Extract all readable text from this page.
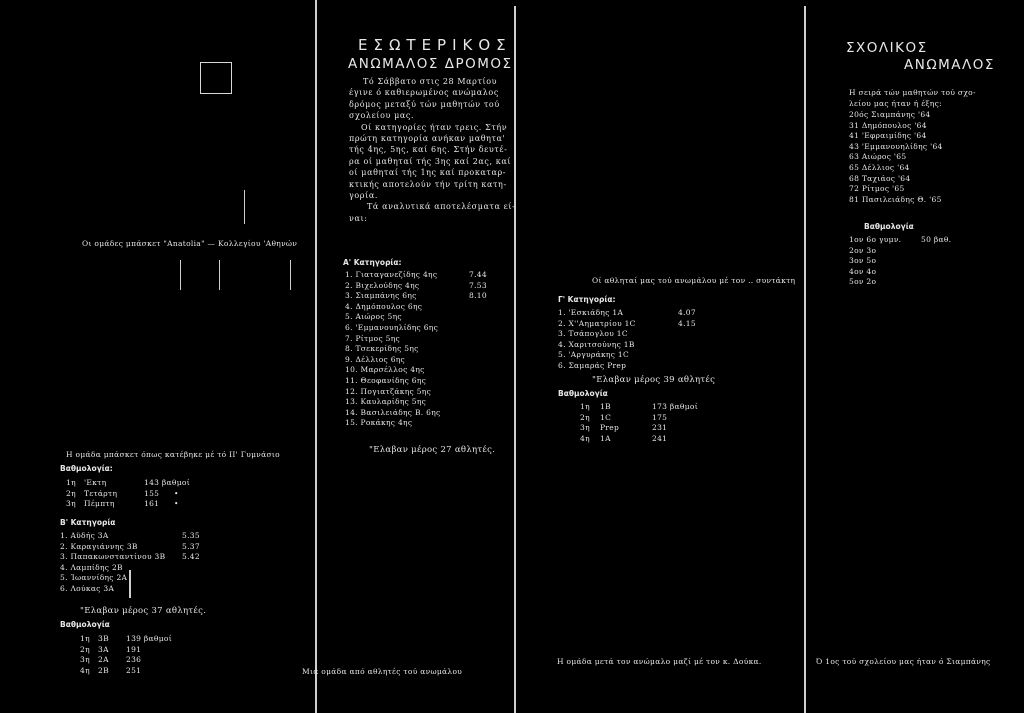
Οι ομάδες μπάσκετ "Anatolia" — Κολλεγίου 'Αθηνών
Η ομάδα μπάσκετ όπως κατέβηκε μέ τό ΙΙ' Γυμνάσιο
Βαθμολογία:
1η 'Εκτη	143 βαθμοί
2η Τετάρτη	155 •
3η Πέμπτη	161 •
Β' Κατηγορία
1. Αϋδής 3Α	5.35
2. Καραγιάννης 3Β	5.37
3. Παπακωνσταντίνου 3Β 5.42
4. Λαμπίδης 2Β
5. Ίωαννίδης 2Α
6. Λούκας 3Α
"Ελαβαν μέρος 37 αθλητές.
Βαθμολογία
1η 3Β 139 βαθμοί
2η 3Α 191
3η 2Α 236
4η 2Β 251
ΕΣΩΤΕΡΙΚΟΣ
ΑΝΩΜΑΛΟΣ ΔΡΟΜΟΣ
Τό Σάββατο στις 28 Μαρτίου
έγινε ό καθιερωμένος ανώμαλος
δρόμος μεταξύ τών μαθητών τού
σχολείου μας.
Οί κατηγορίες ήταν τρεις. Στήν
πρώτη κατηγορία ανήκαν μαθητα'
τής 4ης, 5ης, καί 6ης. Στήν δευτέ-
ρα οί μαθηταί τής 3ης καί 2ας, καί
οί μαθηταί τής 1ης καί προκαταρ-
κτικής αποτελούν τήν τρίτη κατη-
γορία.
Τά αναλυτικά αποτελέσματα εί-
ναι:
Α' Κατηγορία:
1. Γιαταγανεζίδης 4ης	7.44
2. Βιχελούδης 4ης	7.53
3. Σιαμπάνης 6ης	8.10
4. Δημόπουλος 6ης
5. Αιώρος 5ης
6. 'Εμμανουηλίδης 6ης
7. Ρίτμος 5ης
8. Τσεκερίδης 5ης
9. Δέλλιος 6ης
10. Μαρσέλλος 4ης
11. Θεοφανίδης 6ης
12. Πογιατζάκης 5ης
13. Καυλαρίδης 5ης
14. Βασιλειάδης Β. 6ης
15. Ροκάκης 4ης
"Ελαβαν μέρος 27 αθλητές.
Μιά ομάδα από αθλητές τού ανωμάλου
Οί αθληταί μας τού ανωμάλου μέ τον .. συντάκτη
Γ' Κατηγορία:
1. 'Εσκιάδης 1Α	4.07
2. Χ''Αηματρίου 1C	4.15
3. Τσάπογλου 1C
4. Χαριτσούνης 1Β
5. 'Αργυράκης 1C
6. Σαμαράς Prep
"Ελαβαν μέρος 39 αθλητές
Βαθμολογία
1η 1Β	173 βαθμοί
2η 1C	175
3η Prep	231
4η 1Α	241
Η ομάδα μετά τον ανώμαλο μαζί μέ τον κ. Δούκα.
ΣΧΟΛΙΚΟΣ
ΑΝΩΜΑΛΟΣ
Η σειρά τών μαθητών τού σχο-
λείου μας ήταν ή έξης:
20ός Σιαμπάνης '64
31 Δημόπουλος '64
41 'Εφραιμίδης '64
43 'Εμμανουηλίδης '64
63 Αιώρος '65
65 Δέλλιος '64
68 Ταχιάος '64
72 Ρίτμος '65
81 Πασιλειάδης Θ. '65
Βαθμολογία
1ον 6ο γυμν.	50 βαθ.
2ον 3ο
3ον 5ο
4ον 4ο
5ον 2ο
Ό 1ος τού σχολείου μας ήταν ό Σιαμπάνης
